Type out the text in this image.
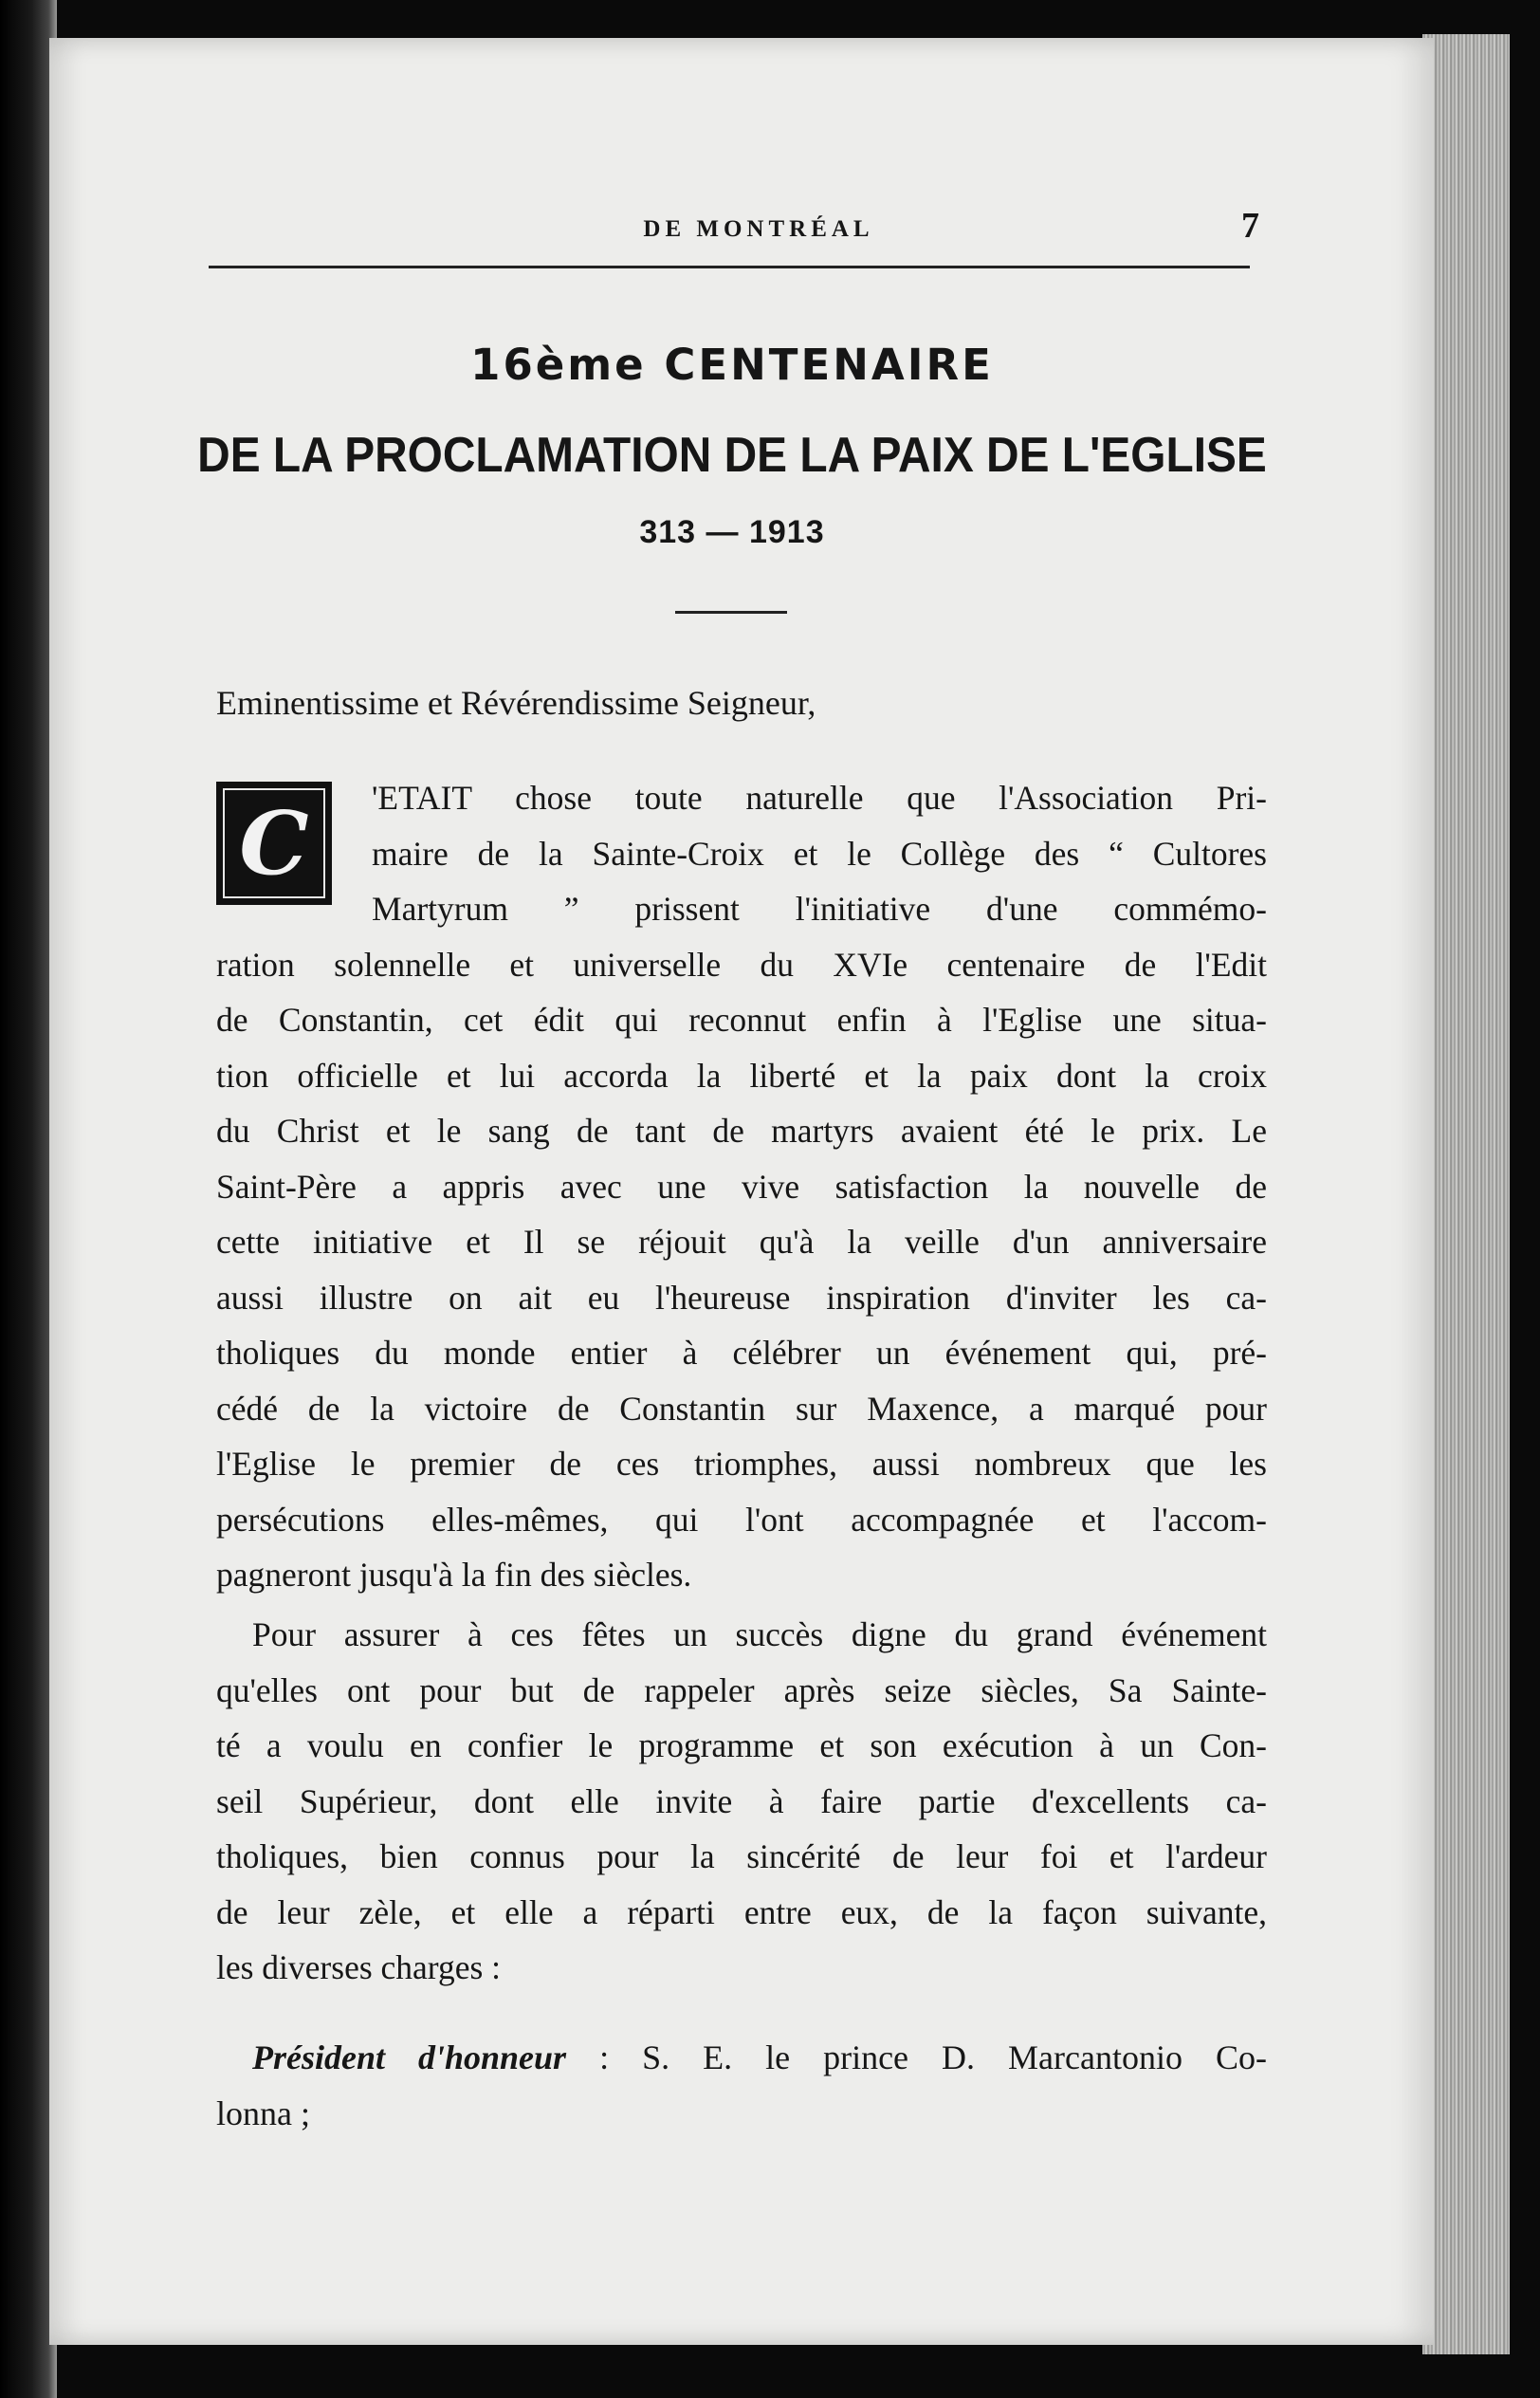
DE MONTRÉAL	7
16ème CENTENAIRE
DE LA PROCLAMATION DE LA PAIX DE L'EGLISE
313 — 1913
Eminentissime et Révérendissime Seigneur,
C	'ETAIT chose toute naturelle que l'Association Pri-
maire de la Sainte-Croix et le Collège des “ Cultores
Martyrum ” prissent l'initiative d'une commémo-
ration solennelle et universelle du XVIe centenaire de l'Edit
de Constantin, cet édit qui reconnut enfin à l'Eglise une situa-
tion officielle et lui accorda la liberté et la paix dont la croix
du Christ et le sang de tant de martyrs avaient été le prix. Le
Saint-Père a appris avec une vive satisfaction la nouvelle de
cette initiative et Il se réjouit qu'à la veille d'un anniversaire
aussi illustre on ait eu l'heureuse inspiration d'inviter les ca-
tholiques du monde entier à célébrer un événement qui, pré-
cédé de la victoire de Constantin sur Maxence, a marqué pour
l'Eglise le premier de ces triomphes, aussi nombreux que les
persécutions elles-mêmes, qui l'ont accompagnée et l'accom-
pagneront jusqu'à la fin des siècles.
Pour assurer à ces fêtes un succès digne du grand événement
qu'elles ont pour but de rappeler après seize siècles, Sa Sainte-
té a voulu en confier le programme et son exécution à un Con-
seil Supérieur, dont elle invite à faire partie d'excellents ca-
tholiques, bien connus pour la sincérité de leur foi et l'ardeur
de leur zèle, et elle a réparti entre eux, de la façon suivante,
les diverses charges :
Président d'honneur : S. E. le prince D. Marcantonio Co-
lonna ;
